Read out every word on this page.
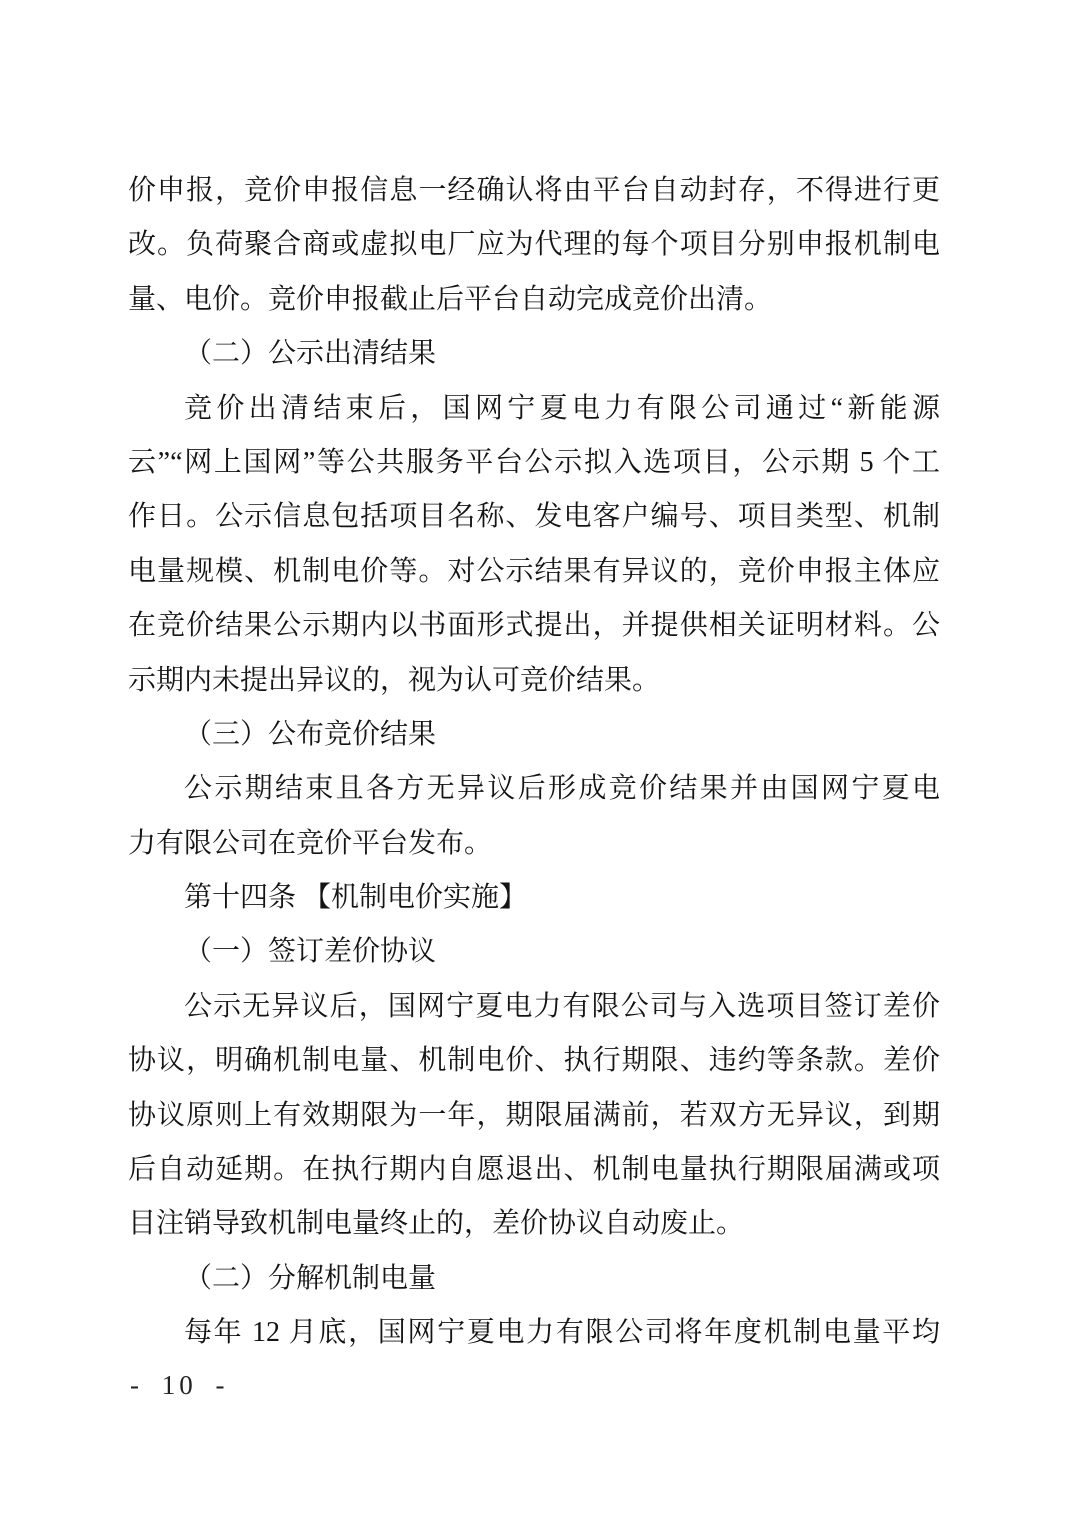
价申报，竞价申报信息一经确认将由平台自动封存，不得进行更
改。负荷聚合商或虚拟电厂应为代理的每个项目分别申报机制电
量、电价。竞价申报截止后平台自动完成竞价出清。
（二）公示出清结果
竞价出清结束后，国网宁夏电力有限公司通过“新能源
云”“网上国网”等公共服务平台公示拟入选项目，公示期 5 个工
作日。公示信息包括项目名称、发电客户编号、项目类型、机制
电量规模、机制电价等。对公示结果有异议的，竞价申报主体应
在竞价结果公示期内以书面形式提出，并提供相关证明材料。公
示期内未提出异议的，视为认可竞价结果。
（三）公布竞价结果
公示期结束且各方无异议后形成竞价结果并由国网宁夏电
力有限公司在竞价平台发布。
第十四条 【机制电价实施】
（一）签订差价协议
公示无异议后，国网宁夏电力有限公司与入选项目签订差价
协议，明确机制电量、机制电价、执行期限、违约等条款。差价
协议原则上有效期限为一年，期限届满前，若双方无异议，到期
后自动延期。在执行期内自愿退出、机制电量执行期限届满或项
目注销导致机制电量终止的，差价协议自动废止。
（二）分解机制电量
每年 12 月底，国网宁夏电力有限公司将年度机制电量平均
- 10 -
